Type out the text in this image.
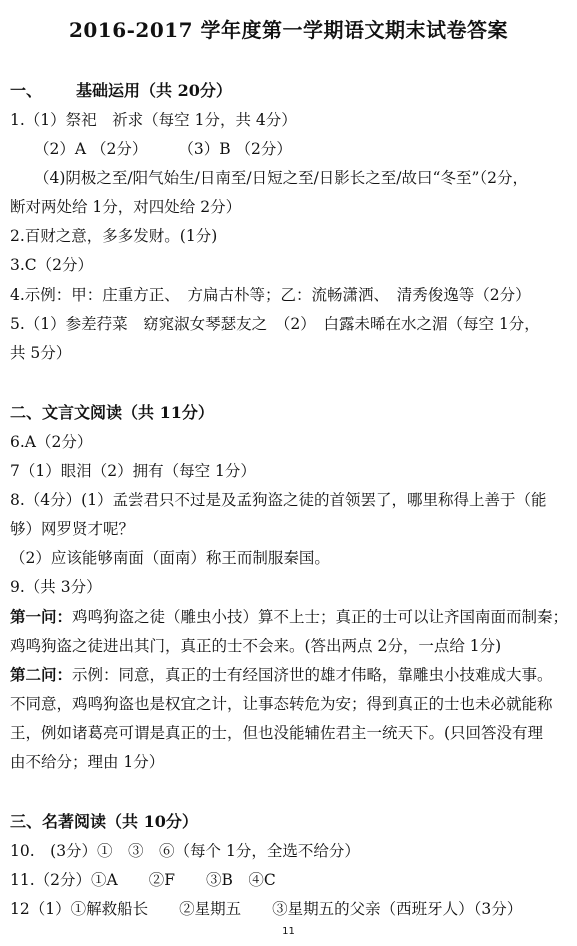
2016-2017 学年度第一学期语文期末试卷答案
一、 基础运用（共 20分）
1.（1）祭祀　祈求（每空 1分，共 4分）
（2）A （2分）　　　（3）B （2分）
（4)阴极之至/阳气始生/日南至/日短之至/日影长之至/故曰“冬至”（2分，
断对两处给 1分，对四处给 2分）
2.百财之意，多多发财。(1分)
3.C（2分）
4.示例：甲：庄重方正、　方扁古朴等；乙：流畅潇洒、　清秀俊逸等（2分）
5.（1）参差荇菜　窈窕淑女琴瑟友之　（2）　白露未晞在水之湄（每空 1分，
共 5分）
二、文言文阅读（共 11分）
6.A（2分）
7（1）眼泪（2）拥有（每空 1分）
8.（4分）(1）孟尝君只不过是及孟狗盗之徒的首领罢了，哪里称得上善于（能
够）网罗贤才呢？
（2）应该能够南面（面南）称王而制服秦国。
9.（共 3分）
第一问：鸡鸣狗盗之徒（雕虫小技）算不上士；真正的士可以让齐国南面而制秦；
鸡鸣狗盗之徒进出其门，真正的士不会来。(答出两点 2分，一点给 1分)
第二问：示例：同意，真正的士有经国济世的雄才伟略，靠雕虫小技难成大事。
不同意，鸡鸣狗盗也是权宜之计，让事态转危为安；得到真正的士也未必就能称
王，例如诸葛亮可谓是真正的士，但也没能辅佐君主一统天下。(只回答没有理
由不给分；理由 1分）
三、名著阅读（共 10分）
10.　(3分）①　③　⑥（每个 1分，全选不给分）
11.（2分）①A　　②F　　③B　④C
12（1）①解救船长　　②星期五　　③星期五的父亲（西班牙人）（3分）
11
